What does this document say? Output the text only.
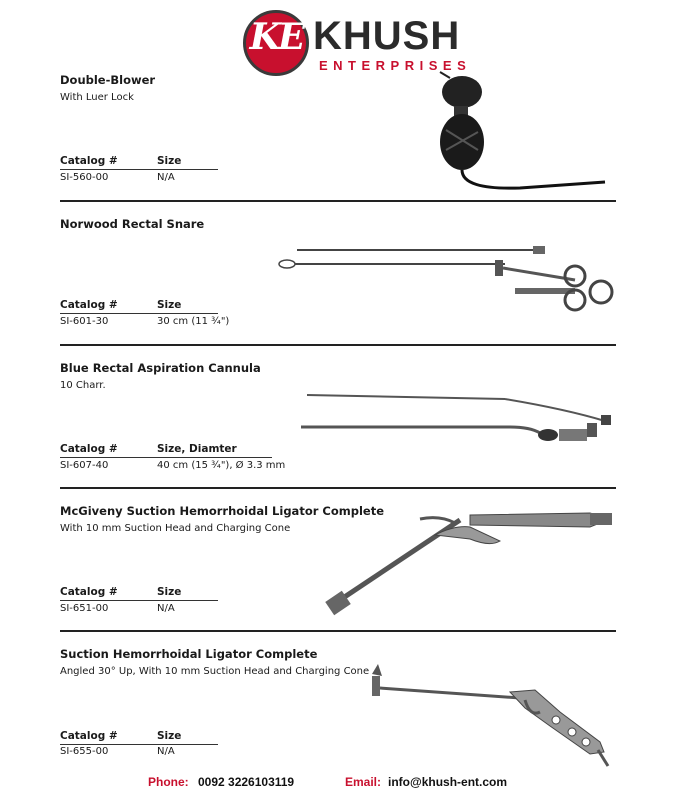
KE KHUSH
ENTERPRISES
Double-Blower
With Luer Lock
Catalog #	Size
SI-560-00	N/A
Norwood Rectal Snare
Catalog #	Size
SI-601-30	30 cm (11 ¾")
Blue Rectal Aspiration Cannula
10 Charr.
Catalog #	Size, Diamter
SI-607-40	40 cm (15 ¾"), Ø 3.3 mm
McGiveny Suction Hemorrhoidal Ligator Complete
With 10 mm Suction Head and Charging Cone
Catalog #	Size
SI-651-00	N/A
Suction Hemorrhoidal Ligator Complete
Angled 30° Up, With 10 mm Suction Head and Charging Cone
Catalog #	Size
SI-655-00	N/A
Phone: 0092 3226103119	Email: info@khush-ent.com
